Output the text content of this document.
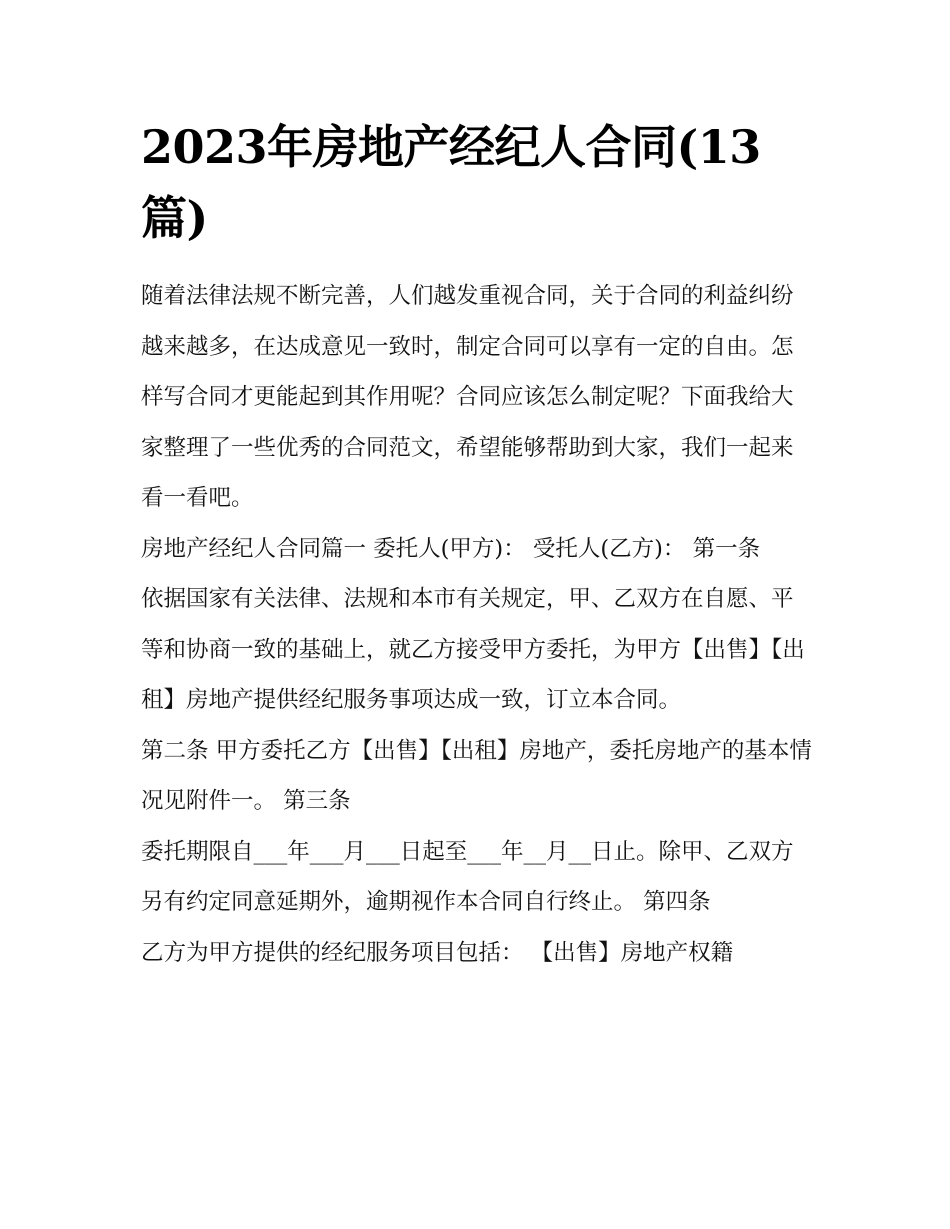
2023年房地产经纪人合同(13篇)

随着法律法规不断完善，人们越发重视合同，关于合同的利益纠纷越来越多，在达成意见一致时，制定合同可以享有一定的自由。怎样写合同才更能起到其作用呢？合同应该怎么制定呢？下面我给大家整理了一些优秀的合同范文，希望能够帮助到大家，我们一起来看一看吧。

房地产经纪人合同篇一 委托人(甲方)： 受托人(乙方)： 第一条

依据国家有关法律、法规和本市有关规定，甲、乙双方在自愿、平等和协商一致的基础上，就乙方接受甲方委托，为甲方【出售】【出租】房地产提供经纪服务事项达成一致，订立本合同。

第二条 甲方委托乙方【出售】【出租】房地产，委托房地产的基本情况见附件一。 第三条

委托期限自___年___月___日起至___年__月__日止。除甲、乙双方另有约定同意延期外，逾期视作本合同自行终止。 第四条

乙方为甲方提供的经纪服务项目包括： 【出售】房地产权籍
